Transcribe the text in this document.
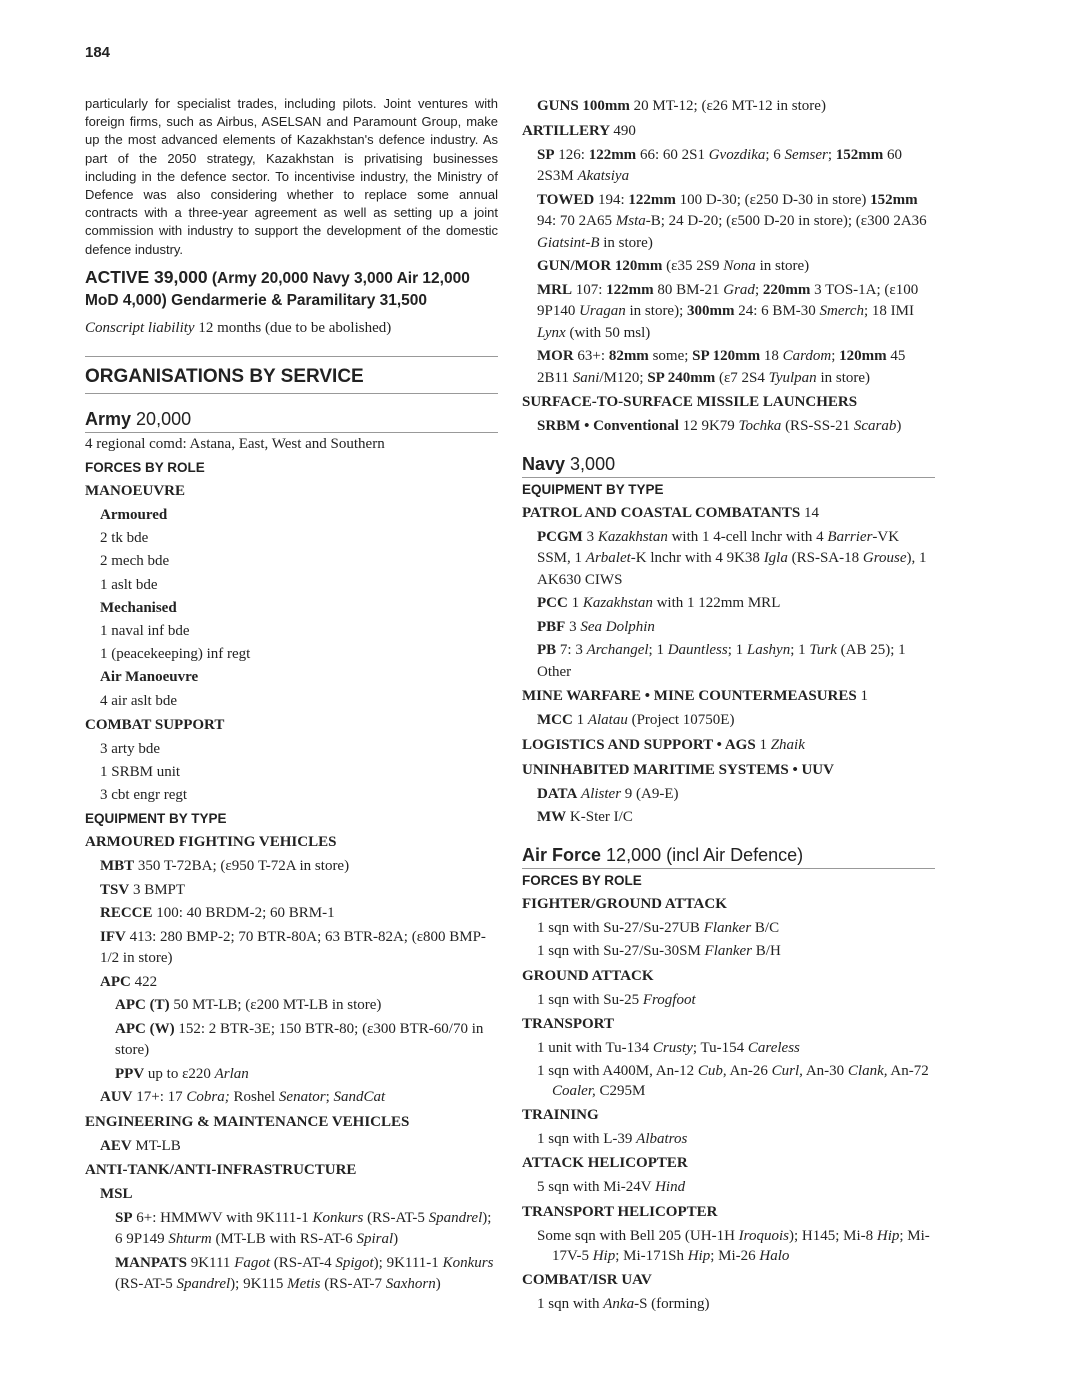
184

particularly for specialist trades, including pilots. Joint ventures with foreign firms, such as Airbus, ASELSAN and Paramount Group, make up the most advanced elements of Kazakhstan's defence industry. As part of the 2050 strategy, Kazakhstan is privatising businesses including in the defence sector. To incentivise industry, the Ministry of Defence was also considering whether to replace some annual contracts with a three-year agreement as well as setting up a joint commission with industry to support the development of the domestic defence industry.

ACTIVE 39,000 (Army 20,000 Navy 3,000 Air 12,000 MoD 4,000) Gendarmerie & Paramilitary 31,500
Conscript liability 12 months (due to be abolished)
ORGANISATIONS BY SERVICE
Army 20,000
4 regional comd: Astana, East, West and Southern
FORCES BY ROLE
MANOEUVRE
Armoured
2 tk bde
2 mech bde
1 aslt bde
Mechanised
1 naval inf bde
1 (peacekeeping) inf regt
Air Manoeuvre
4 air aslt bde
COMBAT SUPPORT
3 arty bde
1 SRBM unit
3 cbt engr regt
EQUIPMENT BY TYPE
ARMOURED FIGHTING VEHICLES
MBT 350 T-72BA; (ε950 T-72A in store)
TSV 3 BMPT
RECCE 100: 40 BRDM-2; 60 BRM-1
IFV 413: 280 BMP-2; 70 BTR-80A; 63 BTR-82A; (ε800 BMP-1/2 in store)
APC 422
APC (T) 50 MT-LB; (ε200 MT-LB in store)
APC (W) 152: 2 BTR-3E; 150 BTR-80; (ε300 BTR-60/70 in store)
PPV up to ε220 Arlan
AUV 17+: 17 Cobra; Roshel Senator; SandCat
ENGINEERING & MAINTENANCE VEHICLES
AEV MT-LB
ANTI-TANK/ANTI-INFRASTRUCTURE
MSL
SP 6+: HMMWV with 9K111-1 Konkurs (RS-AT-5 Spandrel); 6 9P149 Shturm (MT-LB with RS-AT-6 Spiral)
MANPATS 9K111 Fagot (RS-AT-4 Spigot); 9K111-1 Konkurs (RS-AT-5 Spandrel); 9K115 Metis (RS-AT-7 Saxhorn)
GUNS 100mm 20 MT-12; (ε26 MT-12 in store)
ARTILLERY 490
SP 126: 122mm 66: 60 2S1 Gvozdika; 6 Semser; 152mm 60 2S3M Akatsiya
TOWED 194: 122mm 100 D-30; (ε250 D-30 in store) 152mm 94: 70 2A65 Msta-B; 24 D-20; (ε500 D-20 in store); (ε300 2A36 Giatsint-B in store)
GUN/MOR 120mm (ε35 2S9 Nona in store)
MRL 107: 122mm 80 BM-21 Grad; 220mm 3 TOS-1A; (ε100 9P140 Uragan in store); 300mm 24: 6 BM-30 Smerch; 18 IMI Lynx (with 50 msl)
MOR 63+: 82mm some; SP 120mm 18 Cardom; 120mm 45 2B11 Sani/M120; SP 240mm (ε7 2S4 Tyulpan in store)
SURFACE-TO-SURFACE MISSILE LAUNCHERS
SRBM • Conventional 12 9K79 Tochka (RS-SS-21 Scarab)
Navy 3,000
EQUIPMENT BY TYPE
PATROL AND COASTAL COMBATANTS 14
PCGM 3 Kazakhstan with 1 4-cell lnchr with 4 Barrier-VK SSM, 1 Arbalet-K lnchr with 4 9K38 Igla (RS-SA-18 Grouse), 1 AK630 CIWS
PCC 1 Kazakhstan with 1 122mm MRL
PBF 3 Sea Dolphin
PB 7: 3 Archangel; 1 Dauntless; 1 Lashyn; 1 Turk (AB 25); 1 Other
MINE WARFARE • MINE COUNTERMEASURES 1
MCC 1 Alatau (Project 10750E)
LOGISTICS AND SUPPORT • AGS 1 Zhaik
UNINHABITED MARITIME SYSTEMS • UUV
DATA Alister 9 (A9-E)
MW K-Ster I/C
Air Force 12,000 (incl Air Defence)
FORCES BY ROLE
FIGHTER/GROUND ATTACK
1 sqn with Su-27/Su-27UB Flanker B/C
1 sqn with Su-27/Su-30SM Flanker B/H
GROUND ATTACK
1 sqn with Su-25 Frogfoot
TRANSPORT
1 unit with Tu-134 Crusty; Tu-154 Careless
1 sqn with A400M, An-12 Cub, An-26 Curl, An-30 Clank, An-72 Coaler, C295M
TRAINING
1 sqn with L-39 Albatros
ATTACK HELICOPTER
5 sqn with Mi-24V Hind
TRANSPORT HELICOPTER
Some sqn with Bell 205 (UH-1H Iroquois); H145; Mi-8 Hip; Mi-17V-5 Hip; Mi-171Sh Hip; Mi-26 Halo
COMBAT/ISR UAV
1 sqn with Anka-S (forming)
